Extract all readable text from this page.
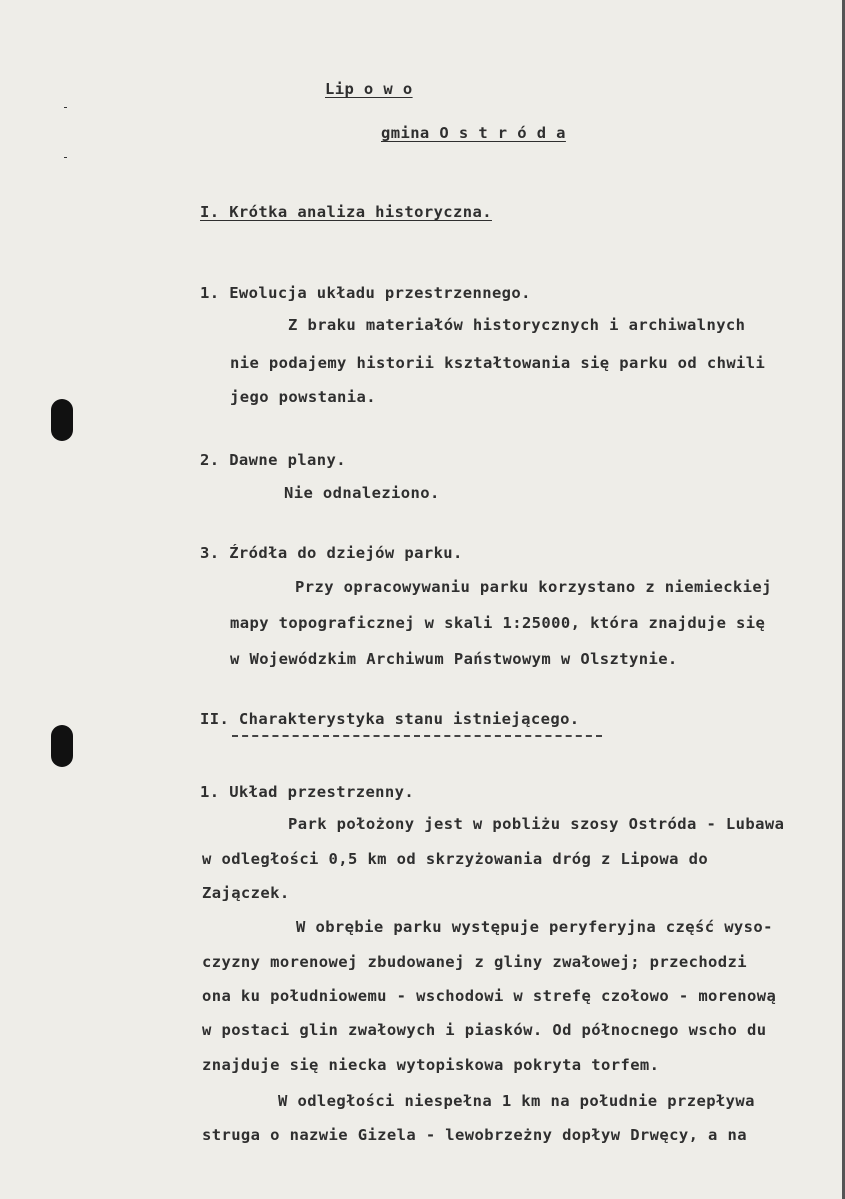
Lip o w o
gmina O s t r ó d a
I. Krótka analiza historyczna.
1. Ewolucja układu przestrzennego.
Z braku materiałów historycznych i archiwalnych
nie podajemy historii kształtowania się parku od chwili
jego powstania.
2. Dawne plany.
Nie odnaleziono.
3. Źródła do dziejów parku.
Przy opracowywaniu parku korzystano z niemieckiej
mapy topograficznej w skali 1:25000, która znajduje się
w Wojewódzkim Archiwum Państwowym w Olsztynie.
II. Charakterystyka stanu istniejącego.
1. Układ przestrzenny.
Park położony jest w pobliżu szosy Ostróda - Lubawa
w odległości 0,5 km od skrzyżowania dróg z Lipowa do
Zajączek.
W obrębie parku występuje peryferyjna część wyso-
czyzny morenowej zbudowanej z gliny zwałowej; przechodzi
ona ku południowemu - wschodowi w strefę czołowo - morenową
w postaci glin zwałowych i piasków. Od północnego wscho du
znajduje się niecka wytopiskowa pokryta torfem.
W odległości niespełna 1 km na południe przepływa
struga o nazwie Gizela - lewobrzeżny dopływ Drwęcy, a na
